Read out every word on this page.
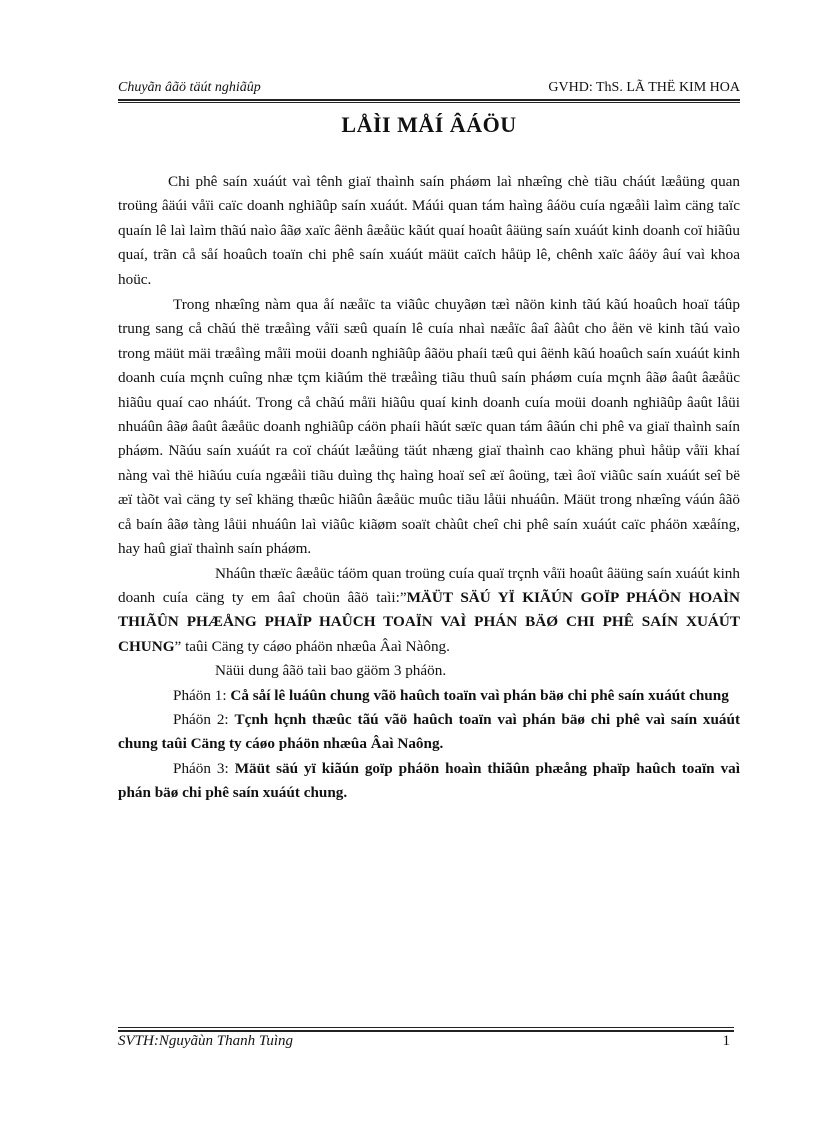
Chuyãn âãö täút nghiãûp	GVHD: ThS. LÃ THË KIM HOA
LÅÌI MÅÍ ÂÁÖU

Chi phê saín xuáút vaì tênh giaï thaình saín pháøm laì nhæîng chè tiãu cháút læåüng quan troüng âäúi våïi caïc doanh nghiãûp saín xuáút. Máúi quan tám haìng âáöu cuía ngæåìi laìm cäng taïc quaín lê laì laìm thãú naìo âãø xaïc âënh âæåüc kãút quaí hoaût âäüng saín xuáút kinh doanh coï hiãûu quaí, trãn cå såí hoaûch toaïn chi phê saín xuáút mäüt caïch håüp lê, chênh xaïc âáöy âuí vaì khoa hoüc.

Trong nhæîng nàm qua åí næåïc ta viãûc chuyãøn tæì nãön kinh tãú kãú hoaûch hoaï táûp trung sang cå chãú thë træåìng våïi sæû quaín lê cuía nhaì næåïc âaî âàût cho åën vë kinh tãú vaìo trong mäüt mäi træåìng måïi moüi doanh nghiãûp âãöu phaíi tæû qui âënh kãú hoaûch saín xuáút kinh doanh cuía mçnh cuîng nhæ tçm kiãúm thë træåìng tiãu thuû saín pháøm cuía mçnh âãø âaût âæåüc hiãûu quaí cao nháút. Trong cå chãú måïi hiãûu quaí kinh doanh cuía moüi doanh nghiãûp âaût låüi nhuáûn âãø âaût âæåüc doanh nghiãûp cáön phaíi hãút sæïc quan tám âãún chi phê va giaï thaình saín pháøm. Nãúu saín xuáút ra coï cháút læåüng täút nhæng giaï thaình cao khäng phuì håüp våïi khaí nàng vaì thë hiãúu cuía ngæåìi tiãu duìng thç haìng hoaï seî æï âoüng, tæì âoï viãûc saín xuáút seî bë æï tàõt vaì cäng ty seî khäng thæûc hiãûn âæåüc muûc tiãu låüi nhuáûn. Mäüt trong nhæîng váún âãö cå baín âãø tàng låüi nhuáûn laì viãûc kiãøm soaït chàût cheî chi phê saín xuáút caïc pháön xæåíng, hay haû giaï thaình saín pháøm.

Nháûn thæïc âæåüc táöm quan troüng cuía quaï trçnh våïi hoaût âäüng saín xuáút kinh doanh cuía cäng ty em âaî choün âãö taìi:”MÄÜT SÄÚ YÏ KIÃÚN GOÏP PHÁÖN HOAÌN THIÃÛN PHÆÅNG PHAÏP HAÛCH TOAÏN VAÌ PHÁN BÄØ CHI PHÊ SAÍN XUÁÚT CHUNG” taûi Cäng ty cáøo pháön nhæûa Âaì Nàông.

Näüi dung âãö taìi bao gäöm 3 pháön.

Pháön 1: Cå såí lê luáûn chung vãö haûch toaïn vaì phán bäø chi phê saín xuáút chung

Pháön 2: Tçnh hçnh thæûc tãú vãö haûch toaïn vaì phán bäø chi phê vaì saín xuáút chung taûi Cäng ty cáøo pháön nhæûa Âaì Naông.

Pháön 3: Mäüt säú yï kiãún goïp pháön hoaìn thiãûn phæång phaïp haûch toaïn vaì phán bäø chi phê saín xuáút chung.

SVTH:Nguyãùn Thanh Tuìng	1
